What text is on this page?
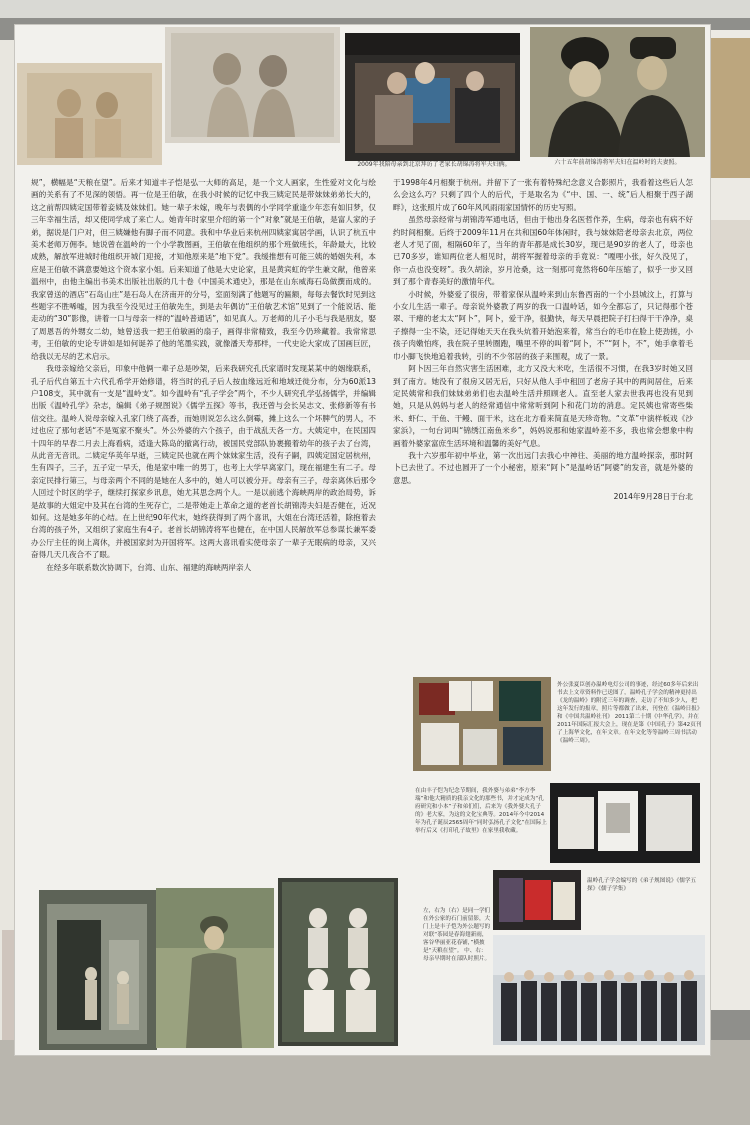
2009年我陪母亲到北京拜访了老家长胡锦涛将军夫妇俩。	六十五年前胡锦涛将军夫妇在温岭时的夫妻照。

规”，横幅是“天粮在望”。后来才知道丰子恺是弘一大师的高足，是一个文人画家，生性爱对文化与绘画的关系有了不见深的领悟。再一位是王伯敏，在我小时候的记忆中我三姨定民是带妹妹弟弟长大的，这之前帮四姨定国带着妾姨及妹妹们。她一辈子未嫁，晚年与表偶的小学同学重逢少年恋有如旧梦，仅三年幸福生活，却又使同学成了来亡人。她青年时家里介绍的第一个“对象”就是王伯敏，是富人家的子弟，据说是门户对，但三姨嫌他有脚子而不同意。我和中华业后来杭州四姨家寓居学画，认识了杭五中美术老师万佣李。她说曾在温岭的一个小学教图画，王伯敏在他组织的那个班做班长，年龄最大，比较成熟，解放军进城时他组织开城门迎接，才知他原来是“地下党”。我缓推想有可能三姨的婚姻失利，本应是王伯敏不满意要她这个资本家小姐。后来知道了他是大史论家，且是黄宾虹的学生兼文献，他曾来温州中，由他主编出书美术出版社出版的几十卷《中国美术通史》，那是在山东威海石岛做撰而成的。我家曾送的酒店“石岛山庄”是石岛人在济南开的分号，室面刻满了他题写的匾额，每每去餐饮时见到这些题字不胜唏嘘，因为我至今没见过王伯敏先生，到是去年偶访“王伯敏艺术馆”见到了一个能说话、能走动的“30”影像，讲着一口与母亲一样的“温岭普通话”，如见真人。万老师的儿子小毛与我是朋友，娶了周恩吾的外甥女二幼，她曾送我一把王伯敏画的扇子，画得非常精致，我至今仍珍藏着。我常常思考，王伯敏的史论专讲如是如何诞养了他的笔墨实践，就像潘天寿那样，一代史论大家成了国画巨匠，给我以无尽的艺术启示。

我母亲嫁给父亲后，印象中他俩一辈子总是吵架，后来我研究孔氏家谱时发现某某中的姻缘联系，孔子后代自第五十六代孔希学开始修谱，将当时的孔子后人按血缘远近和地域迁徙分布，分为60派13户108支，其中就有一支是“温岭支”。如今温岭有“孔子学会”两个，不少人研究孔学弘扬儒学，并编辑出版《温岭孔学》杂志，编辑《弟子规图说》《儒学五探》等书，我还曾与会长吴志文、张修新等有书信交往。温岭人说母亲嫁入孔家门绕了高香，而她则说怎么这么倒霉，摊上这么一个坏脾气的男人，不过也应了那句老话“不是冤家不聚头”。外公外婆的六个孩子，由于战乱天各一方。大姨定中，在民国四十四年的早春二月去上海看病，适逢大陈岛的撤离行动，被国民党部队协裹搬着幼年的孩子去了台湾，从此音无音讯。二姨定华英年早逝，三姨定民也就在两个妹妹家生活，没有子嗣，四姨定国定居杭州，生有四子，三子，五子定一早夭，他是家中唯一的男丁，也考上大学早离家门，现在福建生有二子。母亲定民排行第三，与母亲两个不同的是她在人多中的，她人可以被分开。母亲有三子，母亲离休后那令人回过个时区的学子，继续打探家乡讯息，她尤其思念两个人。一是以前逃个海峡两岸的政治局势，诉是故事的大姐定中及其在台湾的生死存亡，二是带她走上革命之道的老首长胡锦涛夫妇是否健在，近况如何。这是她多年的心结。在上世纪90年代末，她终获得到了两个喜讯，大姐在台湾还活着，除抱着去台湾的孩子外，又组织了家庭生有4子。老首长胡锦涛将军也健在，在中国人民解放军总参谋长兼军委办公厅主任的岗上离休，并被国家封为开国将军。这两大喜讯看实使母亲了一辈子无眠病的母亲，又兴奋得几天几夜合不了眼。

在经多年联系数次协调下，台湾、山东、福建的海峡两岸亲人

于1998年4月相聚于杭州。并留下了一张有着特殊纪念意义合影照片，我看着这些后人怎么会这么巧？只剩了四个人的后代，于是取名为《“中、国、一、统”后人相聚于西子湖畔》，这张照片成了60年风风雨雨家国情怀的历史写照。

虽然母亲经常与胡锦涛军通电话，但由于他出身名医哲作养，生病，母亲也有病不好约时间相聚。后终于2009年11月在共和国60年体闲时，我与妹妹陪老母亲去北京，两位老人才见了面，相隔60年了，当年的青年都是成长30岁，现已是90岁的老人了，母亲也已70多岁，谁知两位老人相见时，胡将军握着母亲的手竟说：“嘎哩小张，好久没见了，你一点也没变呀”。我久胡涂，岁月沧桑，这一刻那可竟然将60年压缩了，似乎一步又回到了那个青春美好的激情年代。

小时候，外婆爱了很房，带着家保从温岭来到山东鲁西南的一个小县城汶上，打算与小女儿生活一辈子。母亲说外婆教了两岁的我一口温岭话，如今全都忘了，只记得那个苍翠、干瘪的老太太“阿卜”，阿卜，爱干净，很勤快，每天早晨把院子打扫得干干净净，桌子擦得一尘不染，还记得她天天在我头炕着开始泡来着，常当台的毛巾在脸上使劲搓，小孩子肉嫩怕疼，我在院子里转圈跑，嘴里不停的叫着“阿卜，不”“阿卜，不”，她手拿着毛巾小脚飞快地追着我转，引的不少邻居的孩子来围观，成了一景。

阿卜因三年自然灾害生活困难，北方又没大米吃，生活很不习惯，在我3岁时她又回到了南方。她没有了很房又居无后，只好从他人手中租回了老房子其中的两间居住，后来定民姨常和我们妹妹弟弟们也去温岭生活并照顾老人。直至老人家去世我再也没有见到她，只是从妈妈与老人的经常通信中常常听到阿卜和花门坊的消息。定民姨也常寄些柴米、虾仁、干鱼、干鳗、面干米，这在北方看来简直是天珍奇物。“文革”中演样板戏《沙家浜》，一句台词叫“锦绣江南鱼米乡”，妈妈说那和她家温岭差不多，我也常会想象中构画着外婆家富庶生活环境和温馨的美好气息。

我十六岁那年初中毕业，第一次出远门去我心中神往、美丽的地方温岭探亲，那时阿卜已去世了。不过也圆开了一个小秘密，原来“阿卜”是温岭话“阿婆”的发音，就是外婆的意思。

2014年9月28日于台北
外公张夏臣创办温岭电灯公司的事迹，经过60多年后来出书去上文章资料作已送图了，温岭孔子学会的精神更持出《龙的温岭》的附近三年的调查，走访了不知多少人，把这年发行的报章，照片等都做了出来，刊登在《温岭日报》和《中国共温岭社刊》 2011第二十期《中华孔学》，并在2011年国际汇报大会上，现在是第《中国孔子》第42页刊了上海华文化，在年文章。在年文化等等温岭三周书活动《温岭三周》。
在由丰子恺为纪念节期间，我外婆与弟弟“李方李瑞”和他大精质的我亲文化的那些书，并才定成为“孔府研究和小本”子和弟们们，后来为《我外婆大孔子的》老大家，为这的文化宝典等。2014年今中2014年为孔子诞辰2565周年“同时弘扬孔子文化”在国际上举行后又《打印孔子故里》在家里我收藏。
左，右为（右）是同一学们在外公家的石门前留影，大门上是丰子恺为外公题写的对联“茶园是春海翅新雨，客谷华丽亚花春铺，”横披是“天粮在望”。 中、右：母亲早期时在部队时照片。
温岭孔子学会编写的《弟子规图说》《儒学五探》《儒子学集》
